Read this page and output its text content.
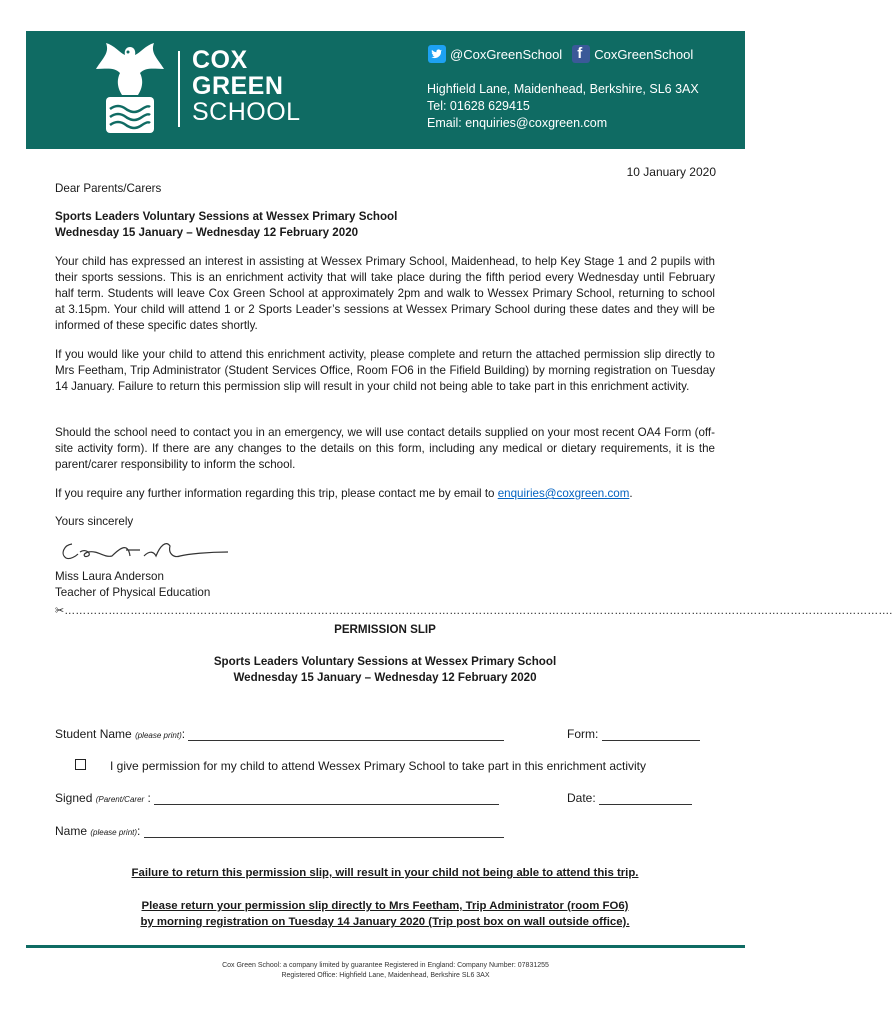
COX
GREEN
SCHOOL
@CoxGreenSchool
f CoxGreenSchool
Highfield Lane, Maidenhead, Berkshire, SL6 3AX
Tel: 01628 629415
Email: enquiries@coxgreen.com
10 January 2020
Dear Parents/Carers
Sports Leaders Voluntary Sessions at Wessex Primary School
Wednesday 15 January – Wednesday 12 February 2020
Your child has expressed an interest in assisting at Wessex Primary School, Maidenhead, to help Key Stage 1 and 2 pupils with their sports sessions. This is an enrichment activity that will take place during the fifth period every Wednesday until February half term. Students will leave Cox Green School at approximately 2pm and walk to Wessex Primary School, returning to school at 3.15pm. Your child will attend 1 or 2 Sports Leader’s sessions at Wessex Primary School during these dates and they will be informed of these specific dates shortly.
If you would like your child to attend this enrichment activity, please complete and return the attached permission slip directly to Mrs Feetham, Trip Administrator (Student Services Office, Room FO6 in the Fifield Building) by morning registration on Tuesday 14 January. Failure to return this permission slip will result in your child not being able to take part in this enrichment activity.
Should the school need to contact you in an emergency, we will use contact details supplied on your most recent OA4 Form (off-site activity form). If there are any changes to the details on this form, including any medical or dietary requirements, it is the parent/carer responsibility to inform the school.
If you require any further information regarding this trip, please contact me by email to enquiries@coxgreen.com.
Yours sincerely
Miss Laura Anderson
Teacher of Physical Education
✂……………………………………………………………………………………………………………………………………………………………………………………………………….
PERMISSION SLIP
Sports Leaders Voluntary Sessions at Wessex Primary School
Wednesday 15 January – Wednesday 12 February 2020
Student Name (please print):	Form:
I give permission for my child to attend Wessex Primary School to take part in this enrichment activity
Signed (Parent/Carer :	Date:
Name (please print):
Failure to return this permission slip, will result in your child not being able to attend this trip.
Please return your permission slip directly to Mrs Feetham, Trip Administrator (room FO6)
by morning registration on Tuesday 14 January 2020 (Trip post box on wall outside office).
Cox Green School: a company limited by guarantee Registered in England: Company Number: 07831255
Registered Office: Highfield Lane, Maidenhead, Berkshire SL6 3AX
